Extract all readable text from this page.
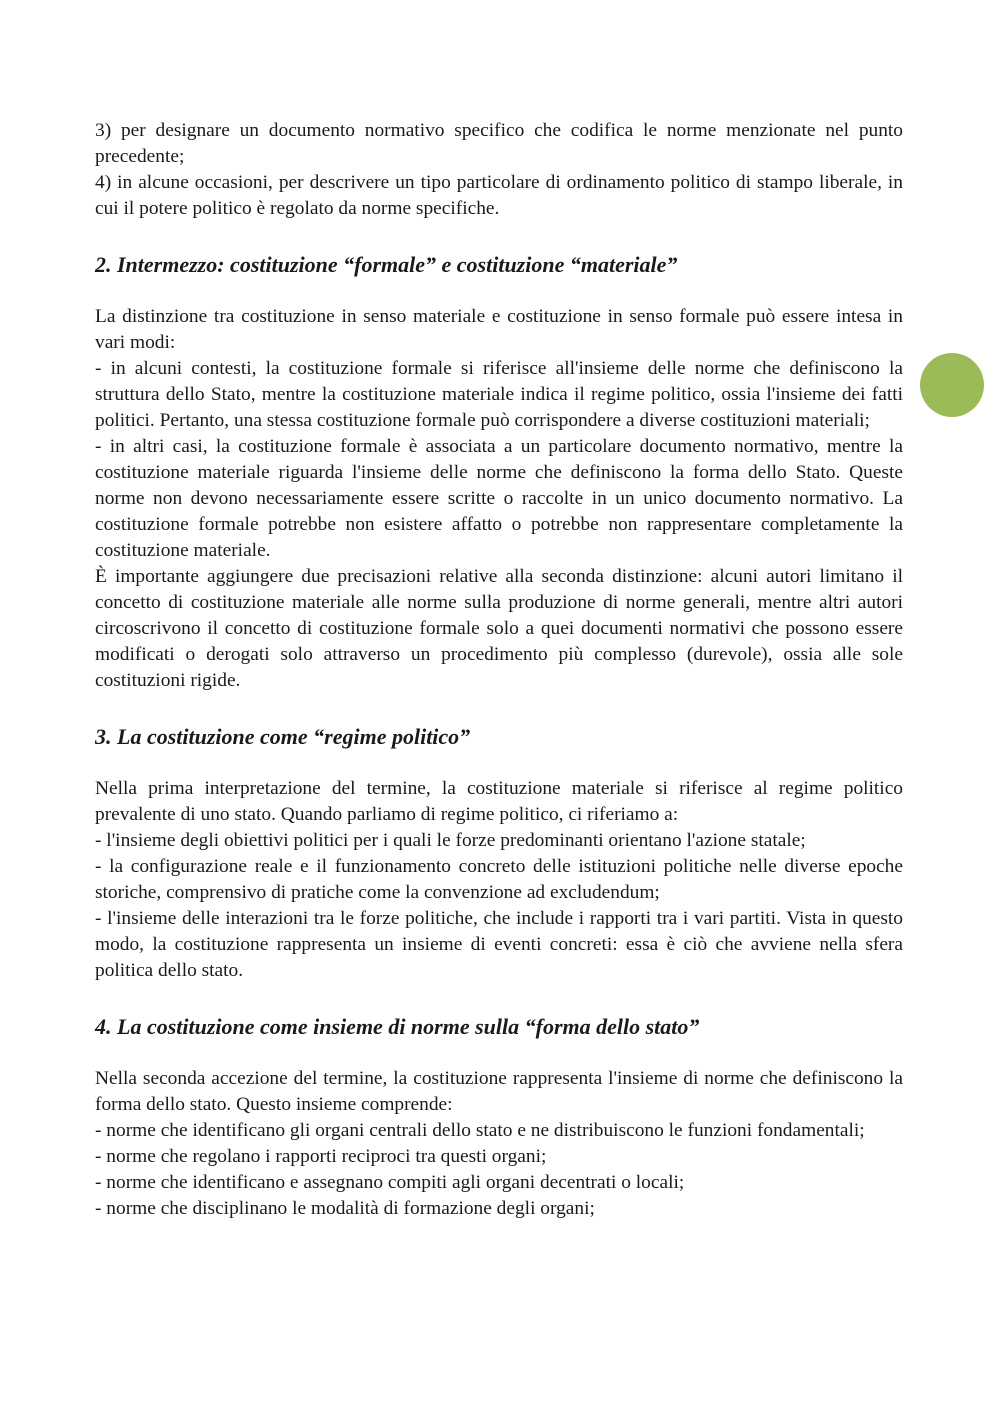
3) per designare un documento normativo specifico che codifica le norme menzionate nel punto precedente;
4) in alcune occasioni, per descrivere un tipo particolare di ordinamento politico di stampo liberale, in cui il potere politico è regolato da norme specifiche.
2. Intermezzo: costituzione “formale” e costituzione “materiale”
La distinzione tra costituzione in senso materiale e costituzione in senso formale può essere intesa in vari modi:
- in alcuni contesti, la costituzione formale si riferisce all'insieme delle norme che definiscono la struttura dello Stato, mentre la costituzione materiale indica il regime politico, ossia l'insieme dei fatti politici. Pertanto, una stessa costituzione formale può corrispondere a diverse costituzioni materiali;
- in altri casi, la costituzione formale è associata a un particolare documento normativo, mentre la costituzione materiale riguarda l'insieme delle norme che definiscono la forma dello Stato. Queste norme non devono necessariamente essere scritte o raccolte in un unico documento normativo. La costituzione formale potrebbe non esistere affatto o potrebbe non rappresentare completamente la costituzione materiale.
È importante aggiungere due precisazioni relative alla seconda distinzione: alcuni autori limitano il concetto di costituzione materiale alle norme sulla produzione di norme generali, mentre altri autori circoscrivono il concetto di costituzione formale solo a quei documenti normativi che possono essere modificati o derogati solo attraverso un procedimento più complesso (durevole), ossia alle sole costituzioni rigide.
3. La costituzione come “regime politico”
Nella prima interpretazione del termine, la costituzione materiale si riferisce al regime politico prevalente di uno stato. Quando parliamo di regime politico, ci riferiamo a:
- l'insieme degli obiettivi politici per i quali le forze predominanti orientano l'azione statale;
- la configurazione reale e il funzionamento concreto delle istituzioni politiche nelle diverse epoche storiche, comprensivo di pratiche come la convenzione ad excludendum;
- l'insieme delle interazioni tra le forze politiche, che include i rapporti tra i vari partiti. Vista in questo modo, la costituzione rappresenta un insieme di eventi concreti: essa è ciò che avviene nella sfera politica dello stato.
4. La costituzione come insieme di norme sulla “forma dello stato”
Nella seconda accezione del termine, la costituzione rappresenta l'insieme di norme che definiscono la forma dello stato. Questo insieme comprende:
- norme che identificano gli organi centrali dello stato e ne distribuiscono le funzioni fondamentali;
- norme che regolano i rapporti reciproci tra questi organi;
- norme che identificano e assegnano compiti agli organi decentrati o locali;
- norme che disciplinano le modalità di formazione degli organi;
